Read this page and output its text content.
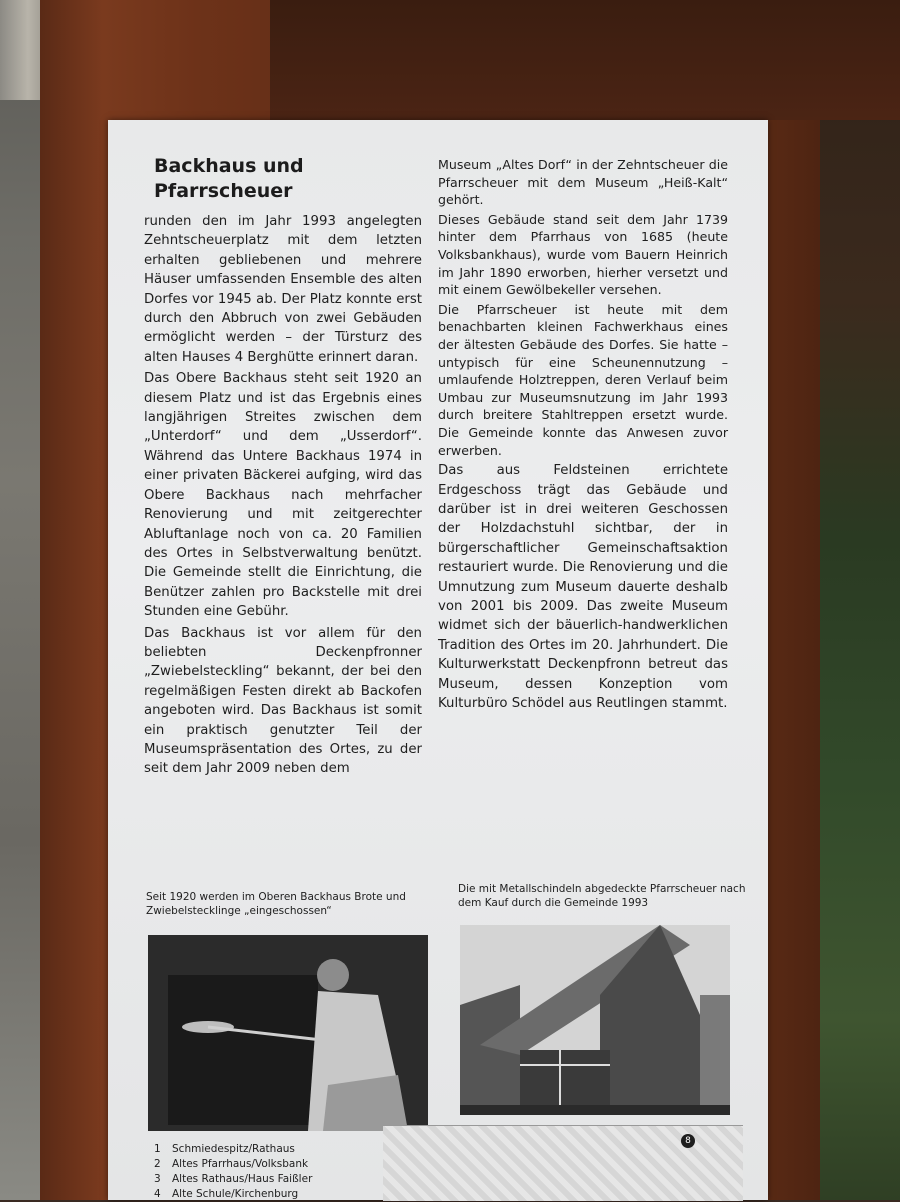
Backhaus und
Pfarrscheuer

runden den im Jahr 1993 angelegten Zehntscheuerplatz mit dem letzten erhalten gebliebenen und mehrere Häuser umfassenden Ensemble des alten Dorfes vor 1945 ab. Der Platz konnte erst durch den Abbruch von zwei Gebäuden ermöglicht werden – der Türsturz des alten Hauses 4 Berghütte erinnert daran.

Das Obere Backhaus steht seit 1920 an diesem Platz und ist das Ergebnis eines langjährigen Streites zwischen dem „Unterdorf“ und dem „Usserdorf“. Während das Untere Backhaus 1974 in einer privaten Bäckerei aufging, wird das Obere Backhaus nach mehrfacher Renovierung und mit zeitgerechter Abluftanlage noch von ca. 20 Familien des Ortes in Selbstverwaltung benützt. Die Gemeinde stellt die Einrichtung, die Benützer zahlen pro Backstelle mit drei Stunden eine Gebühr.

Das Backhaus ist vor allem für den beliebten Deckenpfronner „Zwiebelsteckling“ bekannt, der bei den regelmäßigen Festen direkt ab Backofen angeboten wird. Das Backhaus ist somit ein praktisch genutzter Teil der Museumspräsentation des Ortes, zu der seit dem Jahr 2009 neben dem

Museum „Altes Dorf“ in der Zehntscheuer die Pfarrscheuer mit dem Museum „Heiß-Kalt“ gehört.

Dieses Gebäude stand seit dem Jahr 1739 hinter dem Pfarrhaus von 1685 (heute Volksbankhaus), wurde vom Bauern Heinrich im Jahr 1890 erworben, hierher versetzt und mit einem Gewölbekeller versehen.

Die Pfarrscheuer ist heute mit dem benachbarten kleinen Fachwerkhaus eines der ältesten Gebäude des Dorfes. Sie hatte – untypisch für eine Scheunennutzung – umlaufende Holztreppen, deren Verlauf beim Umbau zur Museumsnutzung im Jahr 1993 durch breitere Stahltreppen ersetzt wurde. Die Gemeinde konnte das Anwesen zuvor erwerben.

Das aus Feldsteinen errichtete Erdgeschoss trägt das Gebäude und darüber ist in drei weiteren Geschossen der Holzdachstuhl sichtbar, der in bürgerschaftlicher Gemeinschaftsaktion restauriert wurde. Die Renovierung und die Umnutzung zum Museum dauerte deshalb von 2001 bis 2009. Das zweite Museum widmet sich der bäuerlich-handwerklichen Tradition des Ortes im 20. Jahrhundert. Die Kulturwerkstatt Deckenpfronn betreut das Museum, dessen Konzeption vom Kulturbüro Schödel aus Reutlingen stammt.

Seit 1920 werden im Oberen Backhaus Brote und Zwiebelstecklinge „eingeschossen“
Die mit Metallschindeln abgedeckte Pfarrscheuer nach dem Kauf durch die Gemeinde 1993
1	Schmiedespitz/Rathaus
2	Altes Pfarrhaus/Volksbank
3	Altes Rathaus/Haus Faißler
4	Alte Schule/Kirchenburg
8
